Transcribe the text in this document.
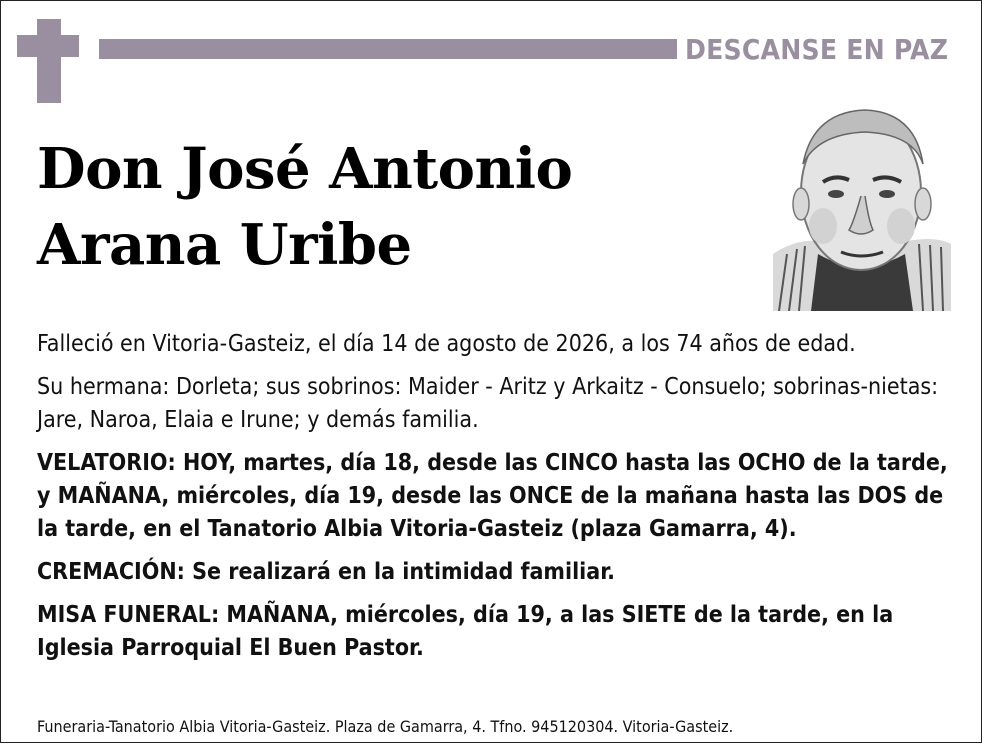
DESCANSE EN PAZ
Don José Antonio
Arana Uribe

Falleció en Vitoria-Gasteiz, el día 14 de agosto de 2026, a los 74 años de edad.

Su hermana: Dorleta; sus sobrinos: Maider - Aritz y Arkaitz - Consuelo; sobrinas-nietas: Jare, Naroa, Elaia e Irune; y demás familia.

VELATORIO: HOY, martes, día 18, desde las CINCO hasta las OCHO de la tarde, y MAÑANA, miércoles, día 19, desde las ONCE de la mañana hasta las DOS de la tarde, en el Tanatorio Albia Vitoria-Gasteiz (plaza Gamarra, 4).

CREMACIÓN: Se realizará en la intimidad familiar.

MISA FUNERAL: MAÑANA, miércoles, día 19, a las SIETE de la tarde, en la Iglesia Parroquial El Buen Pastor.

Funeraria-Tanatorio Albia Vitoria-Gasteiz. Plaza de Gamarra, 4. Tfno. 945120304. Vitoria-Gasteiz.
